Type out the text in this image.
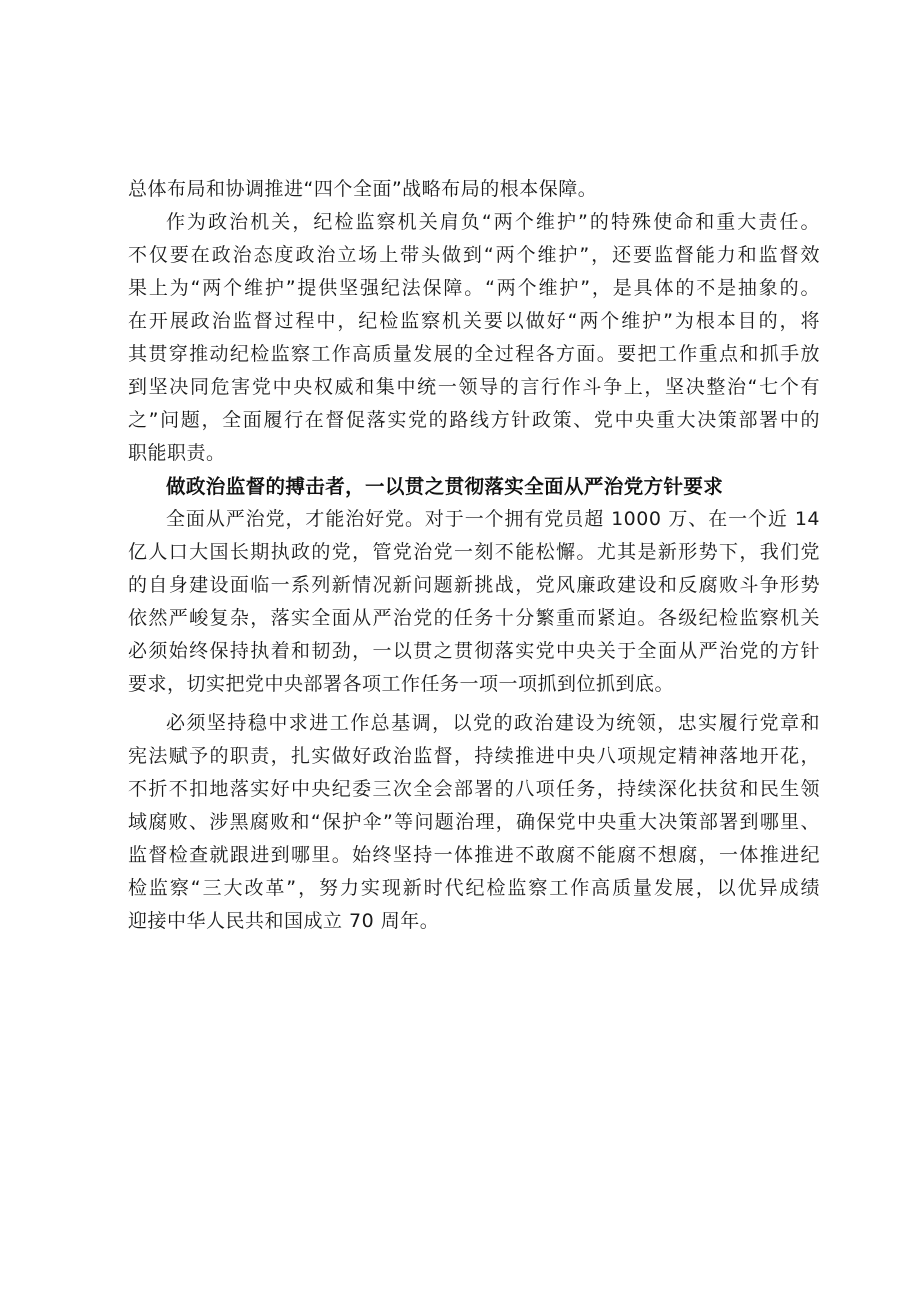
总体布局和协调推进“四个全面”战略布局的根本保障。
作为政治机关，纪检监察机关肩负“两个维护”的特殊使命和重大责任。
不仅要在政治态度政治立场上带头做到“两个维护”，还要监督能力和监督效
果上为“两个维护”提供坚强纪法保障。“两个维护”，是具体的不是抽象的。
在开展政治监督过程中，纪检监察机关要以做好“两个维护”为根本目的，将
其贯穿推动纪检监察工作高质量发展的全过程各方面。要把工作重点和抓手放
到坚决同危害党中央权威和集中统一领导的言行作斗争上，坚决整治“七个有
之”问题，全面履行在督促落实党的路线方针政策、党中央重大决策部署中的
职能职责。
做政治监督的搏击者，一以贯之贯彻落实全面从严治党方针要求
全面从严治党，才能治好党。对于一个拥有党员超 1000 万、在一个近 14
亿人口大国长期执政的党，管党治党一刻不能松懈。尤其是新形势下，我们党
的自身建设面临一系列新情况新问题新挑战，党风廉政建设和反腐败斗争形势
依然严峻复杂，落实全面从严治党的任务十分繁重而紧迫。各级纪检监察机关
必须始终保持执着和韧劲，一以贯之贯彻落实党中央关于全面从严治党的方针
要求，切实把党中央部署各项工作任务一项一项抓到位抓到底。
必须坚持稳中求进工作总基调，以党的政治建设为统领，忠实履行党章和
宪法赋予的职责，扎实做好政治监督，持续推进中央八项规定精神落地开花，
不折不扣地落实好中央纪委三次全会部署的八项任务，持续深化扶贫和民生领
域腐败、涉黑腐败和“保护伞”等问题治理，确保党中央重大决策部署到哪里、
监督检查就跟进到哪里。始终坚持一体推进不敢腐不能腐不想腐，一体推进纪
检监察“三大改革”，努力实现新时代纪检监察工作高质量发展，以优异成绩
迎接中华人民共和国成立 70 周年。
